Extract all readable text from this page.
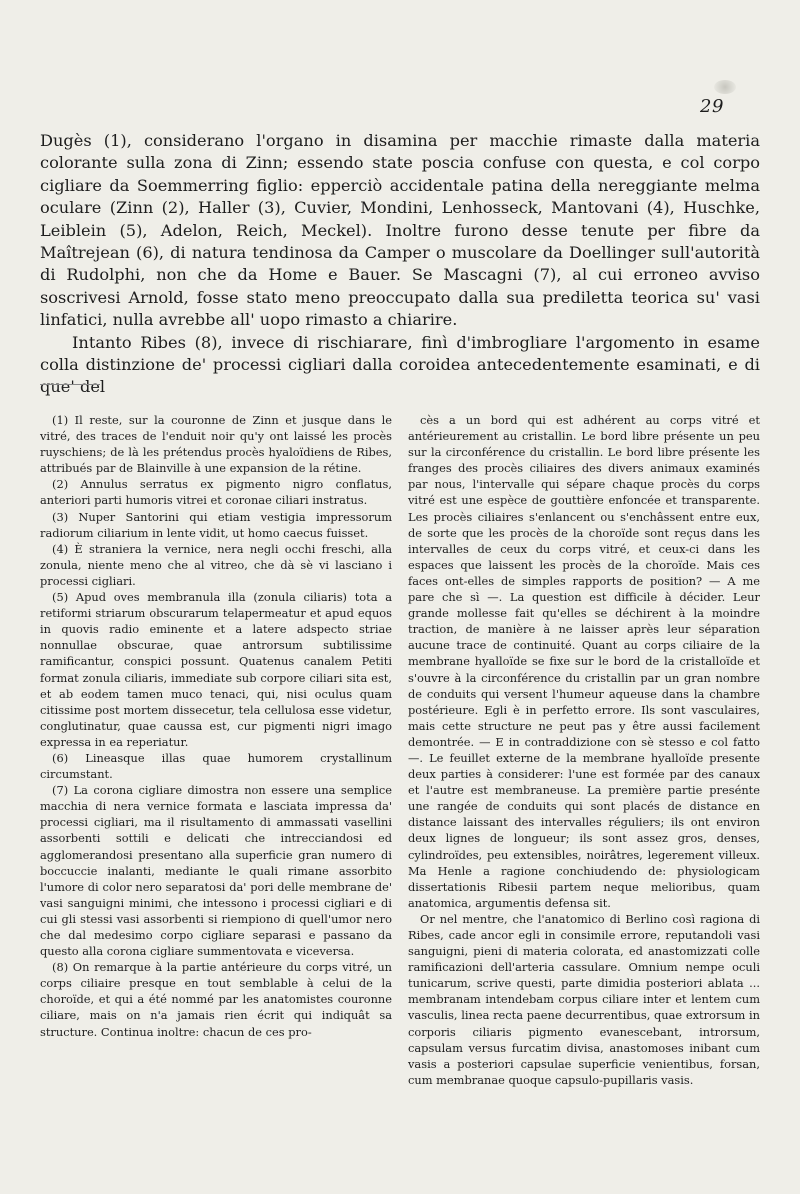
29

Dugès (1), considerano l'organo in disamina per macchie rimaste dalla materia colorante sulla zona di Zinn; essendo state poscia confuse con questa, e col corpo cigliare da Soemmerring figlio: epperciò accidentale patina della nereggiante melma oculare (Zinn (2), Haller (3), Cuvier, Mondini, Lenhosseck, Mantovani (4), Huschke, Leiblein (5), Adelon, Reich, Meckel). Inoltre furono desse tenute per fibre da Maîtrejean (6), di natura tendinosa da Camper o muscolare da Doellinger sull'autorità di Rudolphi, non che da Home e Bauer. Se Mascagni (7), al cui erroneo avviso soscrivesi Arnold, fosse stato meno preoccupato dalla sua prediletta teorica su' vasi linfatici, nulla avrebbe all' uopo rimasto a chiarire.

Intanto Ribes (8), invece di rischiarare, finì d'imbrogliare l'argomento in esame colla distinzione de' processi cigliari dalla coroidea antecedentemente esaminati, e di que' del

(1) Il reste, sur la couronne de Zinn et jusque dans le vitré, des traces de l'enduit noir qu'y ont laissé les procès ruyschiens; de là les prétendus procès hyaloïdiens de Ribes, attribués par de Blainville à une expansion de la rétine.

(2) Annulus serratus ex pigmento nigro conflatus, anteriori parti humoris vitrei et coronae ciliari instratus.

(3) Nuper Santorini qui etiam vestigia impressorum radiorum ciliarium in lente vidit, ut homo caecus fuisset.

(4) È straniera la vernice, nera negli occhi freschi, alla zonula, niente meno che al vitreo, che dà sè vi lasciano i processi cigliari.

(5) Apud oves membranula illa (zonula ciliaris) tota a retiformi striarum obscurarum telapermeatur et apud equos in quovis radio eminente et a latere adspecto striae nonnullae obscurae, quae antrorsum subtilissime ramificantur, conspici possunt. Quatenus canalem Petiti format zonula ciliaris, immediate sub corpore ciliari sita est, et ab eodem tamen muco tenaci, qui, nisi oculus quam citissime post mortem dissecetur, tela cellulosa esse videtur, conglutinatur, quae caussa est, cur pigmenti nigri imago expressa in ea reperiatur.

(6) Lineasque illas quae humorem crystallinum circumstant.

(7) La corona cigliare dimostra non essere una semplice macchia di nera vernice formata e lasciata impressa da' processi cigliari, ma il risultamento di ammassati vasellini assorbenti sottili e delicati che intrecciandosi ed agglomerandosi presentano alla superficie gran numero di boccuccie inalanti, mediante le quali rimane assorbito l'umore di color nero separatosi da' pori delle membrane de' vasi sanguigni minimi, che intessono i processi cigliari e di cui gli stessi vasi assorbenti si riempiono di quell'umor nero che dal medesimo corpo cigliare separasi e passano da questo alla corona cigliare summentovata e viceversa.

(8) On remarque à la partie antérieure du corps vitré, un corps ciliaire presque en tout semblable à celui de la choroïde, et qui a été nommé par les anatomistes couronne ciliare, mais on n'a jamais rien écrit qui indiquât sa structure. Continua inoltre: chacun de ces pro-

cès a un bord qui est adhérent au corps vitré et antérieurement au cristallin. Le bord libre présente un peu sur la circonférence du cristallin. Le bord libre présente les franges des procès ciliaires des divers animaux examinés par nous, l'intervalle qui sépare chaque procès du corps vitré est une espèce de gouttière enfoncée et transparente. Les procès ciliaires s'enlancent ou s'enchâssent entre eux, de sorte que les procès de la choroïde sont reçus dans les intervalles de ceux du corps vitré, et ceux-ci dans les espaces que laissent les procès de la choroïde. Mais ces faces ont-elles de simples rapports de position? — A me pare che sì —. La question est difficile à décider. Leur grande mollesse fait qu'elles se déchirent à la moindre traction, de manière à ne laisser après leur séparation aucune trace de continuité. Quant au corps ciliaire de la membrane hyalloïde se fixe sur le bord de la cristalloïde et s'ouvre à la circonférence du cristallin par un gran nombre de conduits qui versent l'humeur aqueuse dans la chambre postérieure. Egli è in perfetto errore. Ils sont vasculaires, mais cette structure ne peut pas y être aussi facilement demontrée. — E in contraddizione con sè stesso e col fatto —. Le feuillet externe de la membrane hyalloïde presente deux parties à considerer: l'une est formée par des canaux et l'autre est membraneuse. La première partie presénte une rangée de conduits qui sont placés de distance en distance laissant des intervalles réguliers; ils ont environ deux lignes de longueur; ils sont assez gros, denses, cylindroïdes, peu extensibles, noirâtres, legerement villeux. Ma Henle a ragione conchiudendo de: physiologicam dissertationis Ribesii partem neque melioribus, quam anatomica, argumentis defensa sit.

Or nel mentre, che l'anatomico di Berlino così ragiona di Ribes, cade ancor egli in consimile errore, reputandoli vasi sanguigni, pieni di materia colorata, ed anastomizzati colle ramificazioni dell'arteria cassulare. Omnium nempe oculi tunicarum, scrive questi, parte dimidia posteriori ablata ... membranam intendebam corpus ciliare inter et lentem cum vasculis, linea recta paene decurrentibus, quae extrorsum in corporis ciliaris pigmento evanescebant, introrsum, capsulam versus furcatim divisa, anastomoses inibant cum vasis a posteriori capsulae superficie venientibus, forsan, cum membranae quoque capsulo-pupillaris vasis.
